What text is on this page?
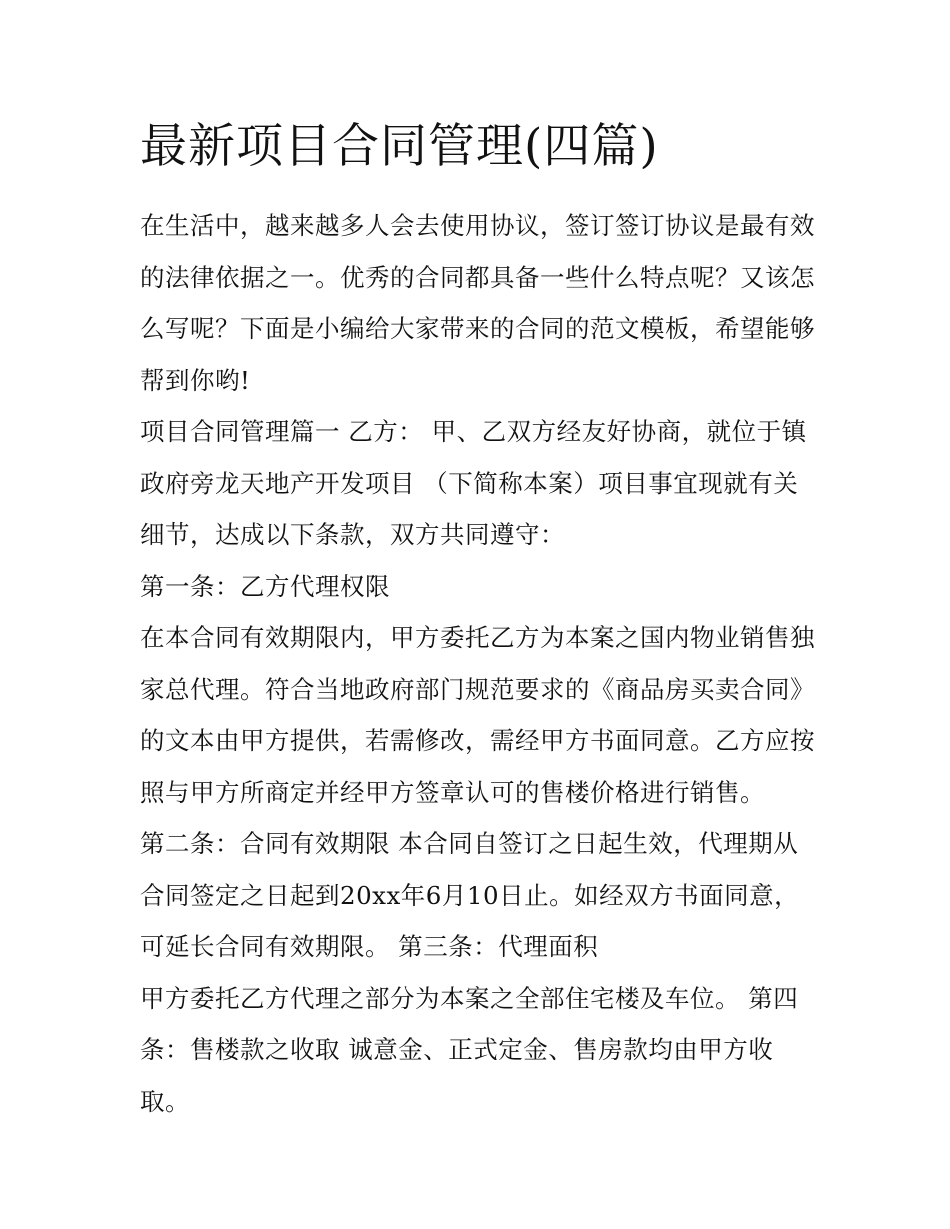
最新项目合同管理(四篇)

在生活中，越来越多人会去使用协议，签订签订协议是最有效
的法律依据之一。优秀的合同都具备一些什么特点呢？又该怎
么写呢？下面是小编给大家带来的合同的范文模板，希望能够
帮到你哟!

项目合同管理篇一 乙方： 甲、乙双方经友好协商，就位于镇
政府旁龙天地产开发项目 （下简称本案）项目事宜现就有关
细节，达成以下条款，双方共同遵守：

第一条：乙方代理权限

在本合同有效期限内，甲方委托乙方为本案之国内物业销售独
家总代理。符合当地政府部门规范要求的《商品房买卖合同》
的文本由甲方提供，若需修改，需经甲方书面同意。乙方应按
照与甲方所商定并经甲方签章认可的售楼价格进行销售。

第二条：合同有效期限 本合同自签订之日起生效，代理期从
合同签定之日起到20xx年6月10日止。如经双方书面同意，
可延长合同有效期限。 第三条：代理面积

甲方委托乙方代理之部分为本案之全部住宅楼及车位。 第四
条：售楼款之收取 诚意金、正式定金、售房款均由甲方收
取。
